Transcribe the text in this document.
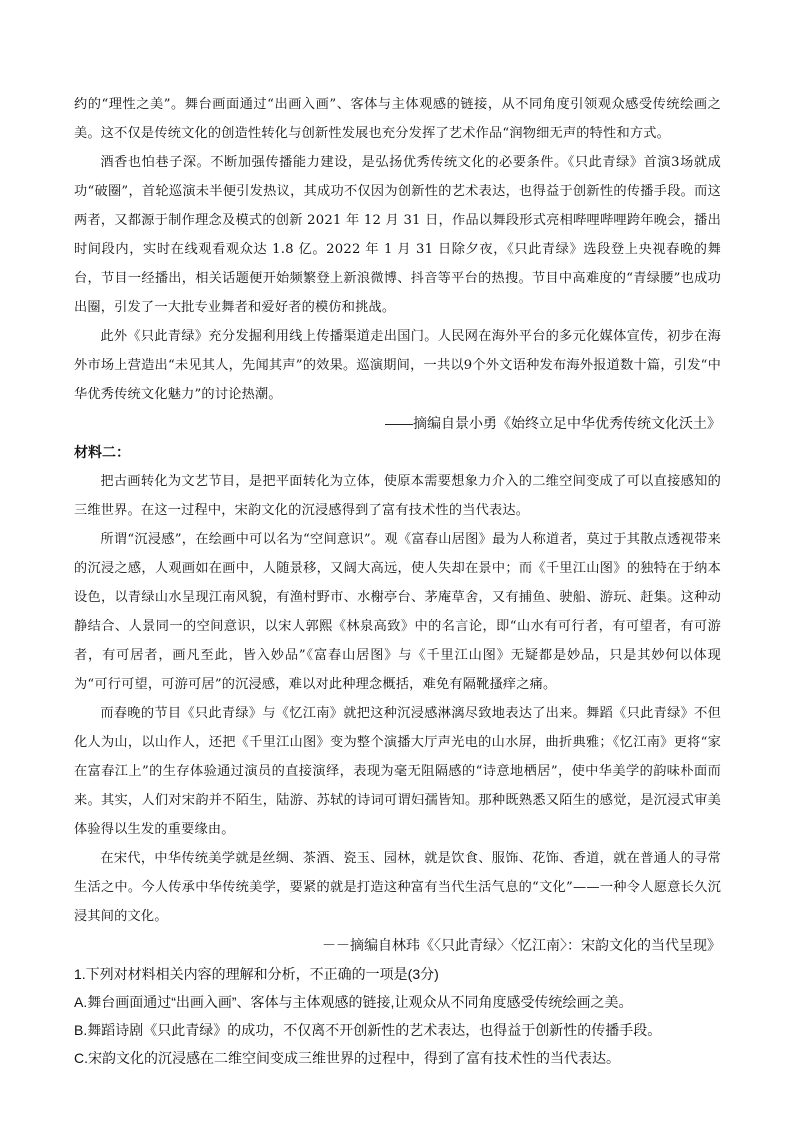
约的“理性之美”。舞台画面通过“出画入画”、客体与主体观感的链接，从不同角度引领观众感受传统绘画之美。这不仅是传统文化的创造性转化与创新性发展也充分发挥了艺术作品“润物细无声的特性和方式。

酒香也怕巷子深。不断加强传播能力建设，是弘扬优秀传统文化的必要条件。《只此青绿》首演3场就成功“破圈”，首轮巡演未半便引发热议，其成功不仅因为创新性的艺术表达，也得益于创新性的传播手段。而这两者，又都源于制作理念及模式的创新 2021 年 12 月 31 日，作品以舞段形式亮相哔哩哔哩跨年晚会，播出时间段内，实时在线观看观众达 1.8 亿。2022 年 1 月 31 日除夕夜，《只此青绿》选段登上央视春晚的舞台，节目一经播出，相关话题便开始频繁登上新浪微博、抖音等平台的热搜。节目中高难度的“青绿腰”也成功出圈，引发了一大批专业舞者和爱好者的模仿和挑战。

此外《只此青绿》充分发掘利用线上传播渠道走出国门。人民网在海外平台的多元化媒体宣传，初步在海外市场上营造出“未见其人，先闻其声”的效果。巡演期间，一共以9个外文语种发布海外报道数十篇，引发“中华优秀传统文化魅力”的讨论热潮。

——摘编自景小勇《始终立足中华优秀传统文化沃土》

材料二：

把古画转化为文艺节目，是把平面转化为立体，使原本需要想象力介入的二维空间变成了可以直接感知的三维世界。在这一过程中，宋韵文化的沉浸感得到了富有技术性的当代表达。

所谓“沉浸感”，在绘画中可以名为“空间意识”。观《富春山居图》最为人称道者，莫过于其散点透视带来的沉浸之感，人观画如在画中，人随景移，又阔大高远，使人失却在景中；而《千里江山图》的独特在于纳本设色，以青绿山水呈现江南风貌，有渔村野市、水榭亭台、茅庵草舍，又有捕鱼、驶船、游玩、赶集。这种动静结合、人景同一的空间意识，以宋人郭熙《林泉高致》中的名言论，即“山水有可行者，有可望者，有可游者，有可居者，画凡至此，皆入妙品”《富春山居图》与《千里江山图》无疑都是妙品，只是其妙何以体现为“可行可望，可游可居”的沉浸感，难以对此种理念概括，难免有隔靴搔痒之痛。

而春晚的节目《只此青绿》与《忆江南》就把这种沉浸感淋漓尽致地表达了出来。舞蹈《只此青绿》不但化人为山，以山作人，还把《千里江山图》变为整个演播大厅声光电的山水屏，曲折典雅；《忆江南》更将“家在富春江上”的生存体验通过演员的直接演绎，表现为毫无阻隔感的“诗意地栖居”，使中华美学的韵味朴面而来。其实，人们对宋韵并不陌生，陆游、苏轼的诗词可谓妇孺皆知。那种既熟悉又陌生的感觉，是沉浸式审美体验得以生发的重要缘由。

在宋代，中华传统美学就是丝绸、茶酒、瓷玉、园林，就是饮食、服饰、花饰、香道，就在普通人的寻常生活之中。今人传承中华传统美学，要紧的就是打造这种富有当代生活气息的“文化”——一种令人愿意长久沉浸其间的文化。

－－摘编自林玮《〈只此青绿〉〈忆江南〉：宋韵文化的当代呈现》

1.下列对材料相关内容的理解和分析，不正确的一项是(3分)

A.舞台画面通过“出画入画”、客体与主体观感的链接,让观众从不同角度感受传统绘画之美。

B.舞蹈诗剧《只此青绿》的成功，不仅离不开创新性的艺术表达，也得益于创新性的传播手段。

C.宋韵文化的沉浸感在二维空间变成三维世界的过程中，得到了富有技术性的当代表达。
